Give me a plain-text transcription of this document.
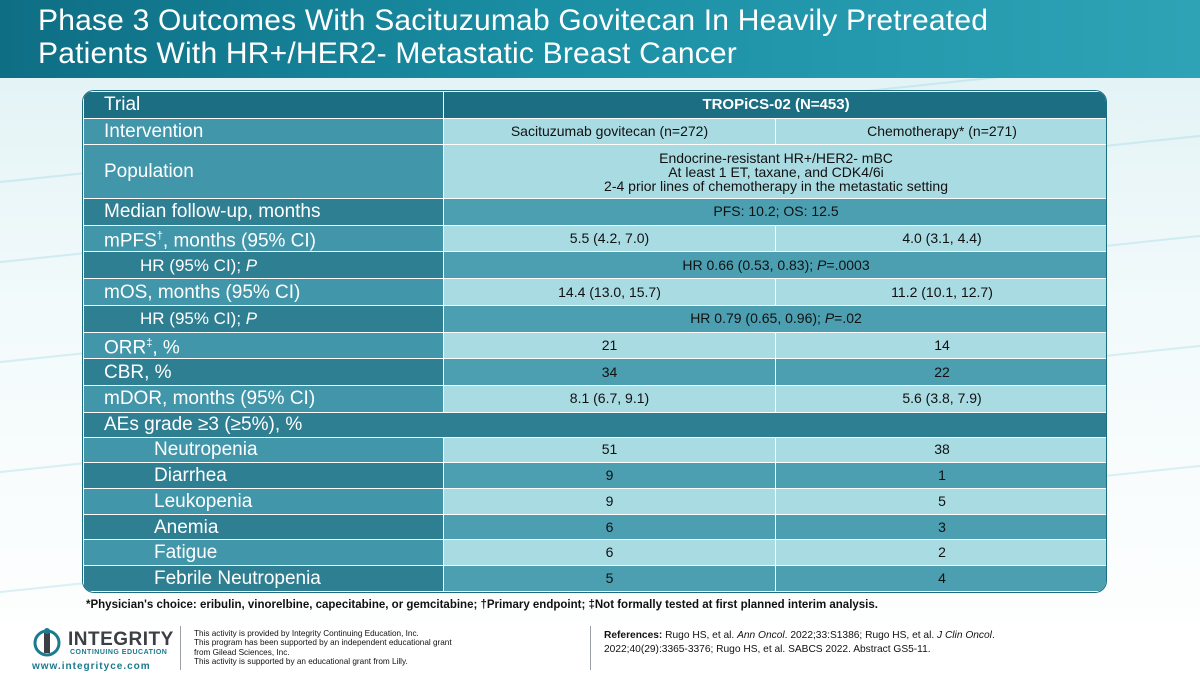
Phase 3 Outcomes With Sacituzumab Govitecan In Heavily Pretreated
Patients With HR+/HER2- Metastatic Breast Cancer
Trial	TROPiCS-02 (N=453)	
Intervention	Sacituzumab govitecan (n=272)	Chemotherapy* (n=271)
Population	Endocrine-resistant HR+/HER2- mBC
At least 1 ET, taxane, and CDK4/6i
2-4 prior lines of chemotherapy in the metastatic setting	

Median follow-up, months	PFS: 10.2; OS: 12.5	
mPFS†, months (95% CI)	5.5 (4.2, 7.0)	4.0 (3.1, 4.4)
HR (95% CI); P	HR 0.66 (0.53, 0.83); P=.0003	
mOS, months (95% CI)	14.4 (13.0, 15.7)	11.2 (10.1, 12.7)
HR (95% CI); P	HR 0.79 (0.65, 0.96); P=.02	
ORR‡, %	21	14
CBR, %	34	22
mDOR, months (95% CI)	8.1 (6.7, 9.1)	5.6 (3.8, 7.9)
AEs grade ≥3 (≥5%), %		
Neutropenia	51	38
Diarrhea	9	1
Leukopenia	9	5
Anemia	6	3
Fatigue	6	2
Febrile Neutropenia	5	4
*Physician's choice: eribulin, vinorelbine, capecitabine, or gemcitabine; †Primary endpoint; ‡Not formally tested at first planned interim analysis.
INTEGRITY
CONTINUING EDUCATION
www.integrityce.com
This activity is provided by Integrity Continuing Education, Inc.
This program has been supported by an independent educational grant
from Gilead Sciences, Inc.
This activity is supported by an educational grant from Lilly.
References: Rugo HS, et al. Ann Oncol. 2022;33:S1386; Rugo HS, et al. J Clin Oncol.
2022;40(29):3365-3376; Rugo HS, et al. SABCS 2022. Abstract GS5-11.
